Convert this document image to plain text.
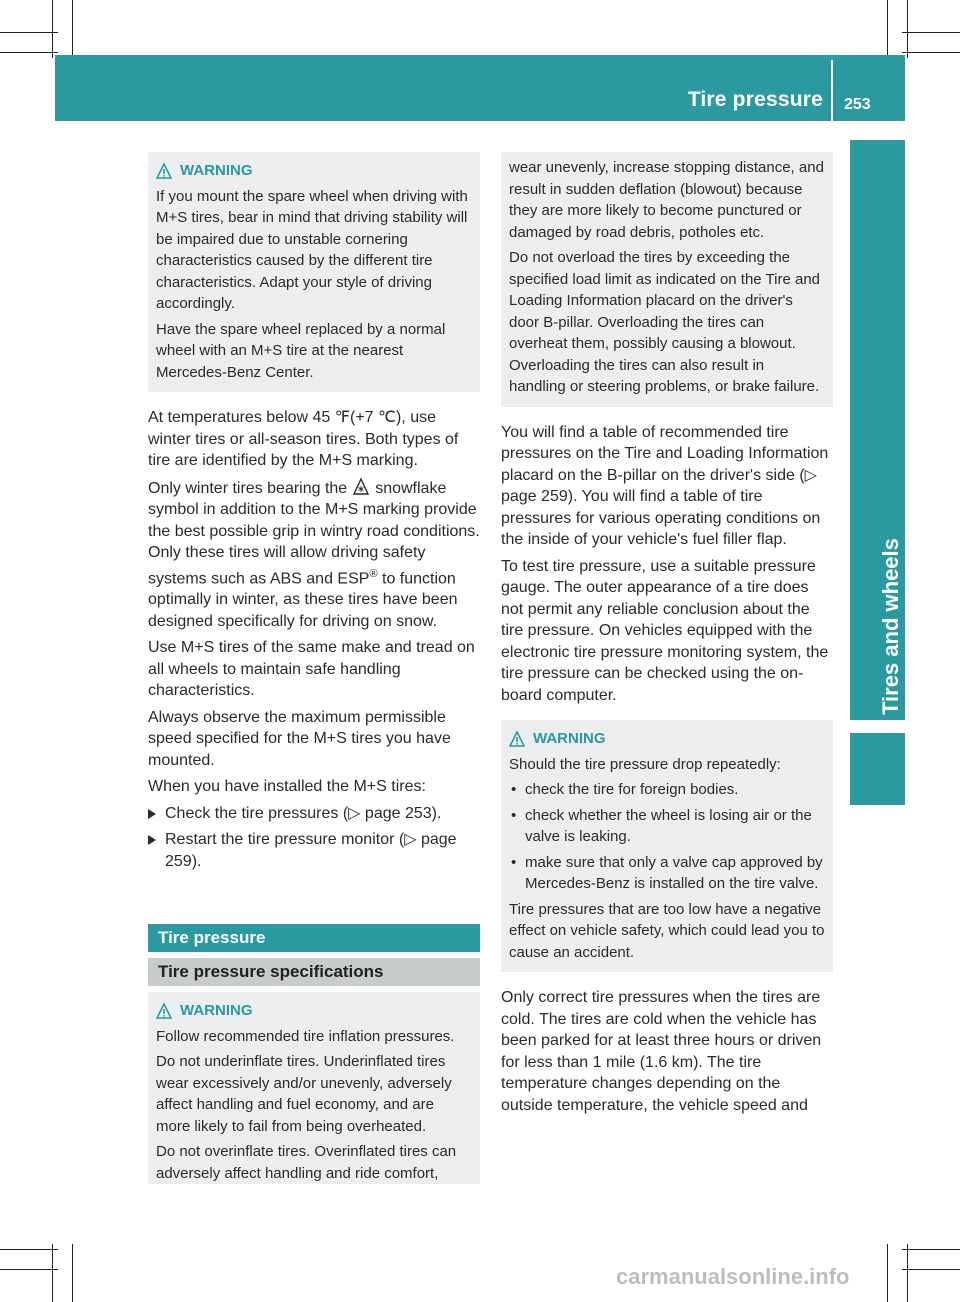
Tire pressure 253
Tires and wheels
WARNING

If you mount the spare wheel when driving with M+S tires, bear in mind that driving stability will be impaired due to unstable cornering characteristics caused by the different tire characteristics. Adapt your style of driving accordingly.

Have the spare wheel replaced by a normal wheel with an M+S tire at the nearest Mercedes-Benz Center.

At temperatures below 45 ℉(+7 ℃), use winter tires or all-season tires. Both types of tire are identified by the M+S marking.

Only winter tires bearing the snowflake symbol in addition to the M+S marking provide the best possible grip in wintry road conditions. Only these tires will allow driving safety systems such as ABS and ESP® to function optimally in winter, as these tires have been designed specifically for driving on snow.

Use M+S tires of the same make and tread on all wheels to maintain safe handling characteristics.

Always observe the maximum permissible speed specified for the M+S tires you have mounted.

When you have installed the M+S tires:

Check the tire pressures (▷ page 253).
Restart the tire pressure monitor (▷ page 259).
Tire pressure
Tire pressure specifications
WARNING

Follow recommended tire inflation pressures.

Do not underinflate tires. Underinflated tires wear excessively and/or unevenly, adversely affect handling and fuel economy, and are more likely to fail from being overheated.

Do not overinflate tires. Overinflated tires can adversely affect handling and ride comfort,

wear unevenly, increase stopping distance, and result in sudden deflation (blowout) because they are more likely to become punctured or damaged by road debris, potholes etc.

Do not overload the tires by exceeding the specified load limit as indicated on the Tire and Loading Information placard on the driver's door B-pillar. Overloading the tires can overheat them, possibly causing a blowout. Overloading the tires can also result in handling or steering problems, or brake failure.

You will find a table of recommended tire pressures on the Tire and Loading Information placard on the B-pillar on the driver's side (▷ page 259). You will find a table of tire pressures for various operating conditions on the inside of your vehicle's fuel filler flap.

To test tire pressure, use a suitable pressure gauge. The outer appearance of a tire does not permit any reliable conclusion about the tire pressure. On vehicles equipped with the electronic tire pressure monitoring system, the tire pressure can be checked using the on-board computer.

WARNING

Should the tire pressure drop repeatedly:

• check the tire for foreign bodies.

• check whether the wheel is losing air or the valve is leaking.

• make sure that only a valve cap approved by Mercedes-Benz is installed on the tire valve.

Tire pressures that are too low have a negative effect on vehicle safety, which could lead you to cause an accident.

Only correct tire pressures when the tires are cold. The tires are cold when the vehicle has been parked for at least three hours or driven for less than 1 mile (1.6 km). The tire temperature changes depending on the outside temperature, the vehicle speed and

carmanualsonline.info
